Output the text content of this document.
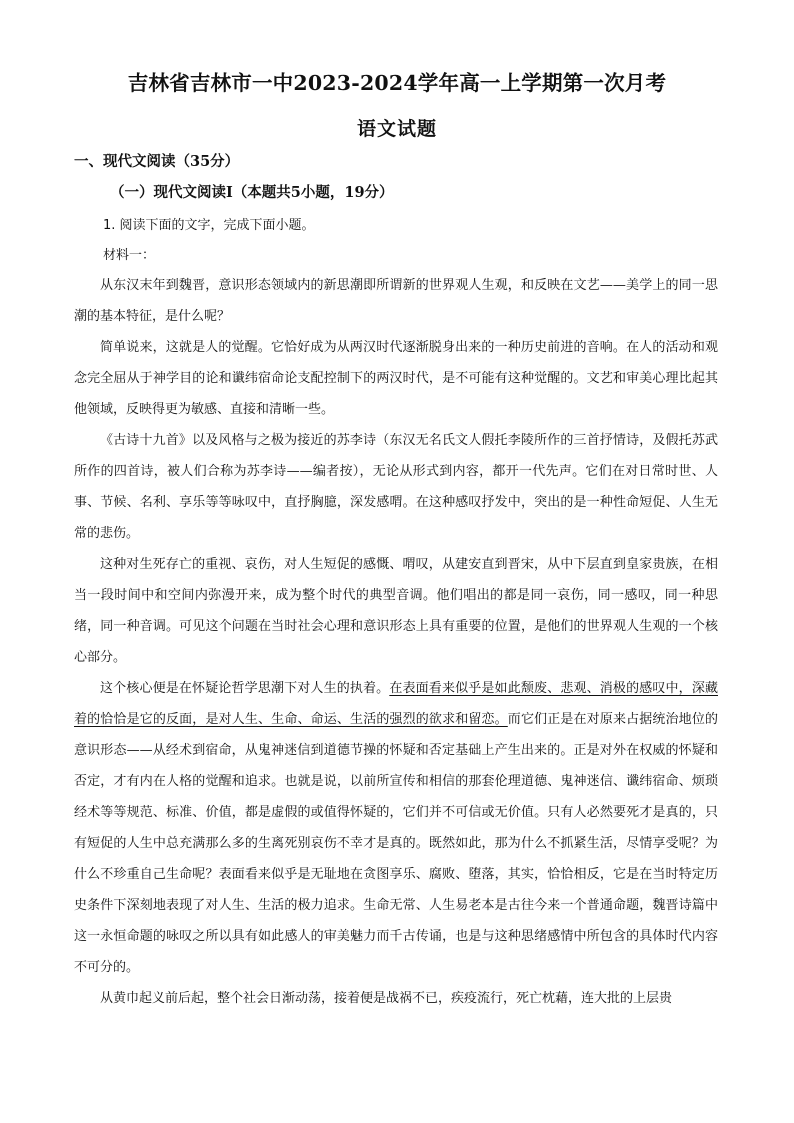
吉林省吉林市一中2023-2024学年高一上学期第一次月考
语文试题
一、现代文阅读（35分）
（一）现代文阅读Ⅰ（本题共5小题，19分）
1. 阅读下面的文字，完成下面小题。
材料一：

从东汉末年到魏晋，意识形态领域内的新思潮即所谓新的世界观人生观，和反映在文艺——美学上的同一思潮的基本特征，是什么呢？

简单说来，这就是人的觉醒。它恰好成为从两汉时代逐渐脱身出来的一种历史前进的音响。在人的活动和观念完全屈从于神学目的论和谶纬宿命论支配控制下的两汉时代，是不可能有这种觉醒的。文艺和审美心理比起其他领域，反映得更为敏感、直接和清晰一些。

《古诗十九首》以及风格与之极为接近的苏李诗（东汉无名氏文人假托李陵所作的三首抒情诗，及假托苏武所作的四首诗，被人们合称为苏李诗——编者按），无论从形式到内容，都开一代先声。它们在对日常时世、人事、节候、名利、享乐等等咏叹中，直抒胸臆，深发感喟。在这种感叹抒发中，突出的是一种性命短促、人生无常的悲伤。

这种对生死存亡的重视、哀伤，对人生短促的感慨、喟叹，从建安直到晋宋，从中下层直到皇家贵族，在相当一段时间中和空间内弥漫开来，成为整个时代的典型音调。他们唱出的都是同一哀伤，同一感叹，同一种思绪，同一种音调。可见这个问题在当时社会心理和意识形态上具有重要的位置，是他们的世界观人生观的一个核心部分。

这个核心便是在怀疑论哲学思潮下对人生的执着。在表面看来似乎是如此颓废、悲观、消极的感叹中，深藏着的恰恰是它的反面，是对人生、生命、命运、生活的强烈的欲求和留恋。而它们正是在对原来占据统治地位的意识形态——从经术到宿命，从鬼神迷信到道德节操的怀疑和否定基础上产生出来的。正是对外在权威的怀疑和否定，才有内在人格的觉醒和追求。也就是说，以前所宣传和相信的那套伦理道德、鬼神迷信、谶纬宿命、烦琐经术等等规范、标准、价值，都是虚假的或值得怀疑的，它们并不可信或无价值。只有人必然要死才是真的，只有短促的人生中总充满那么多的生离死别哀伤不幸才是真的。既然如此，那为什么不抓紧生活，尽情享受呢？为什么不珍重自己生命呢？表面看来似乎是无耻地在贪图享乐、腐败、堕落，其实，恰恰相反，它是在当时特定历史条件下深刻地表现了对人生、生活的极力追求。生命无常、人生易老本是古往今来一个普通命题，魏晋诗篇中这一永恒命题的咏叹之所以具有如此感人的审美魅力而千古传诵，也是与这种思绪感情中所包含的具体时代内容不可分的。

从黄巾起义前后起，整个社会日渐动荡，接着便是战祸不已，疾疫流行，死亡枕藉，连大批的上层贵
